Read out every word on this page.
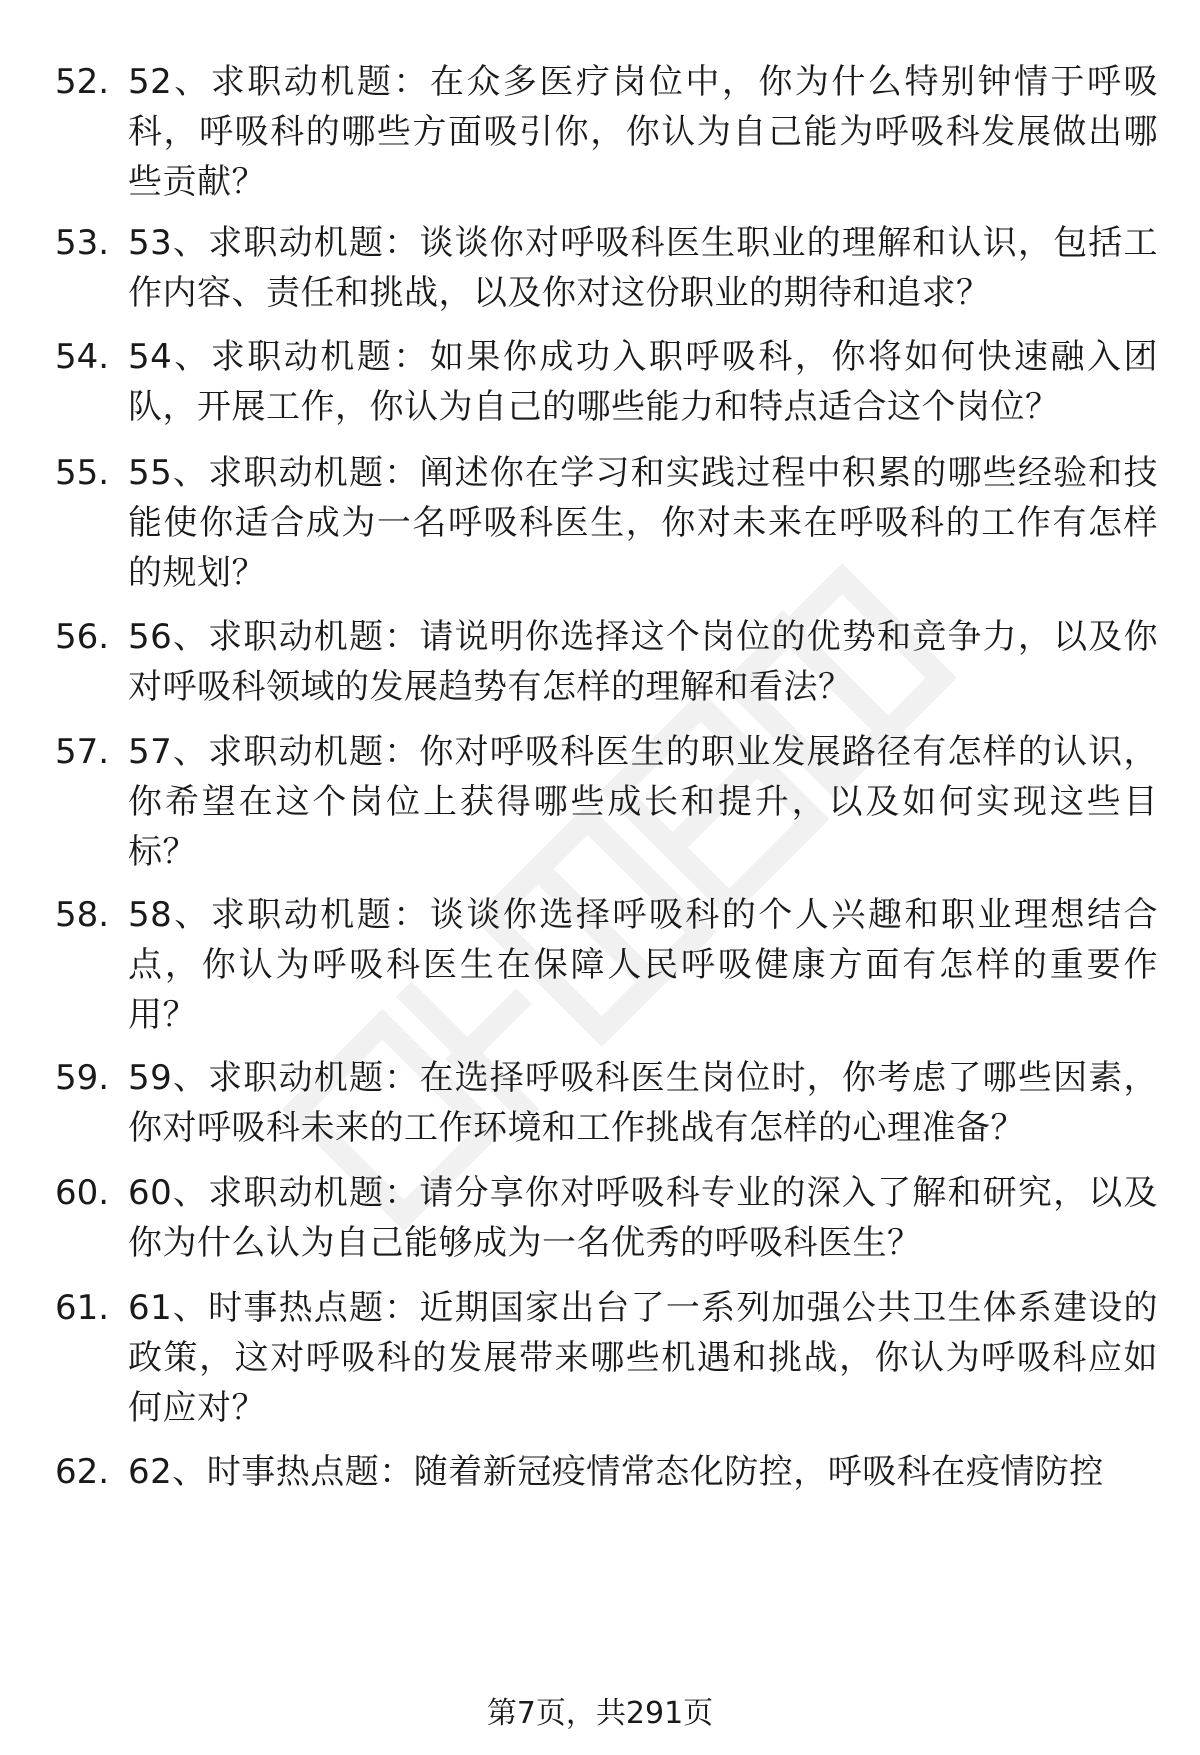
52. 52、求职动机题：在众多医疗岗位中，你为什么特别钟情于呼吸科，呼吸科的哪些方面吸引你，你认为自己能为呼吸科发展做出哪些贡献？
53. 53、求职动机题：谈谈你对呼吸科医生职业的理解和认识，包括工作内容、责任和挑战，以及你对这份职业的期待和追求？
54. 54、求职动机题：如果你成功入职呼吸科，你将如何快速融入团队，开展工作，你认为自己的哪些能力和特点适合这个岗位？
55. 55、求职动机题：阐述你在学习和实践过程中积累的哪些经验和技能使你适合成为一名呼吸科医生，你对未来在呼吸科的工作有怎样的规划？
56. 56、求职动机题：请说明你选择这个岗位的优势和竞争力，以及你对呼吸科领域的发展趋势有怎样的理解和看法？
57. 57、求职动机题：你对呼吸科医生的职业发展路径有怎样的认识，你希望在这个岗位上获得哪些成长和提升，以及如何实现这些目标？
58. 58、求职动机题：谈谈你选择呼吸科的个人兴趣和职业理想结合点，你认为呼吸科医生在保障人民呼吸健康方面有怎样的重要作用？
59. 59、求职动机题：在选择呼吸科医生岗位时，你考虑了哪些因素，你对呼吸科未来的工作环境和工作挑战有怎样的心理准备？
60. 60、求职动机题：请分享你对呼吸科专业的深入了解和研究，以及你为什么认为自己能够成为一名优秀的呼吸科医生？
61. 61、时事热点题：近期国家出台了一系列加强公共卫生体系建设的政策，这对呼吸科的发展带来哪些机遇和挑战，你认为呼吸科应如何应对？
62. 62、时事热点题：随着新冠疫情常态化防控，呼吸科在疫情防控
第7页，共291页
